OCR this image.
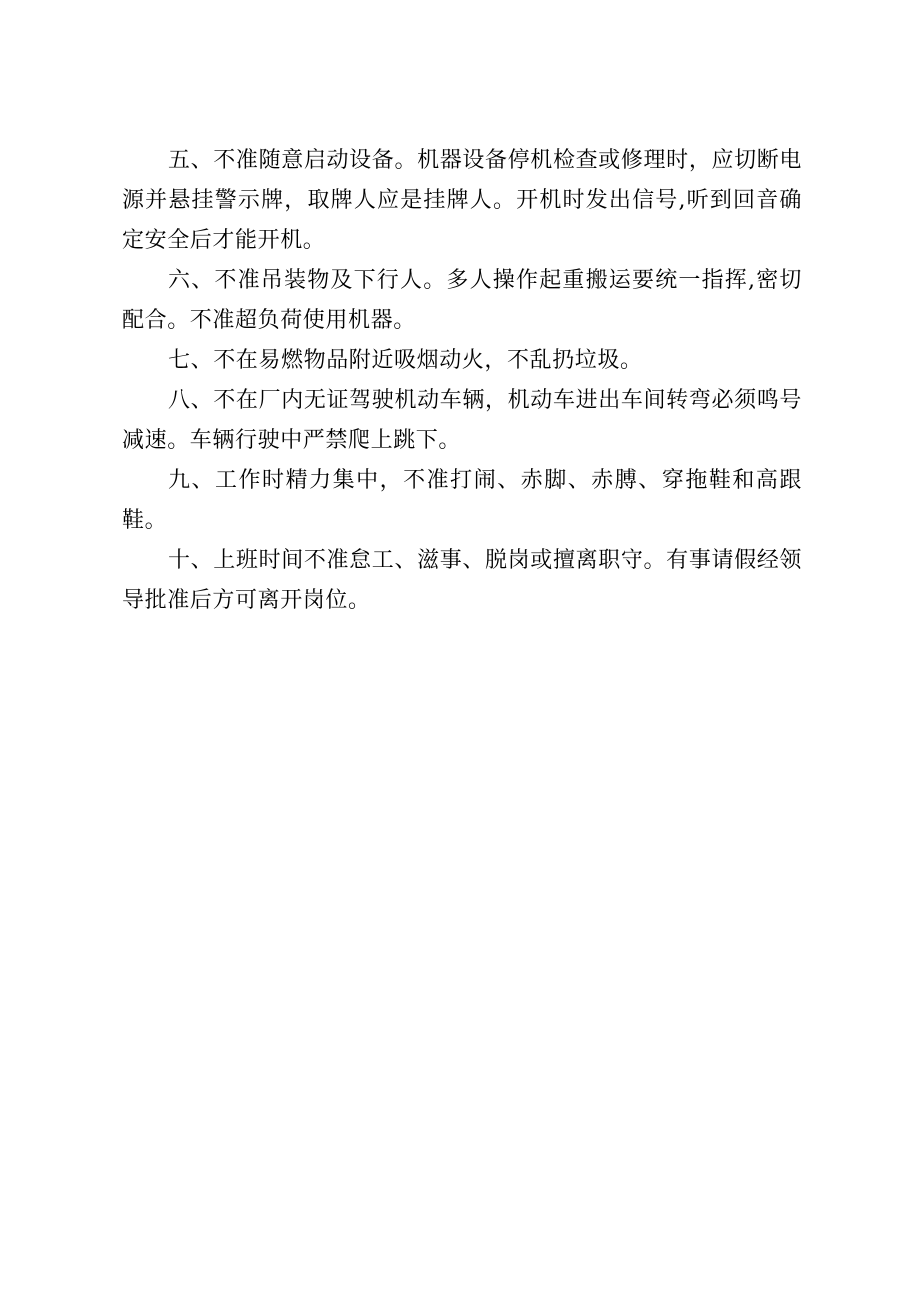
五、不准随意启动设备。机器设备停机检查或修理时，应切断电源并悬挂警示牌，取牌人应是挂牌人。开机时发出信号,听到回音确定安全后才能开机。

六、不准吊装物及下行人。多人操作起重搬运要统一指挥,密切配合。不准超负荷使用机器。

七、不在易燃物品附近吸烟动火，不乱扔垃圾。

八、不在厂内无证驾驶机动车辆，机动车进出车间转弯必须鸣号减速。车辆行驶中严禁爬上跳下。

九、工作时精力集中，不准打闹、赤脚、赤膊、穿拖鞋和高跟鞋。

十、上班时间不准怠工、滋事、脱岗或擅离职守。有事请假经领导批准后方可离开岗位。
